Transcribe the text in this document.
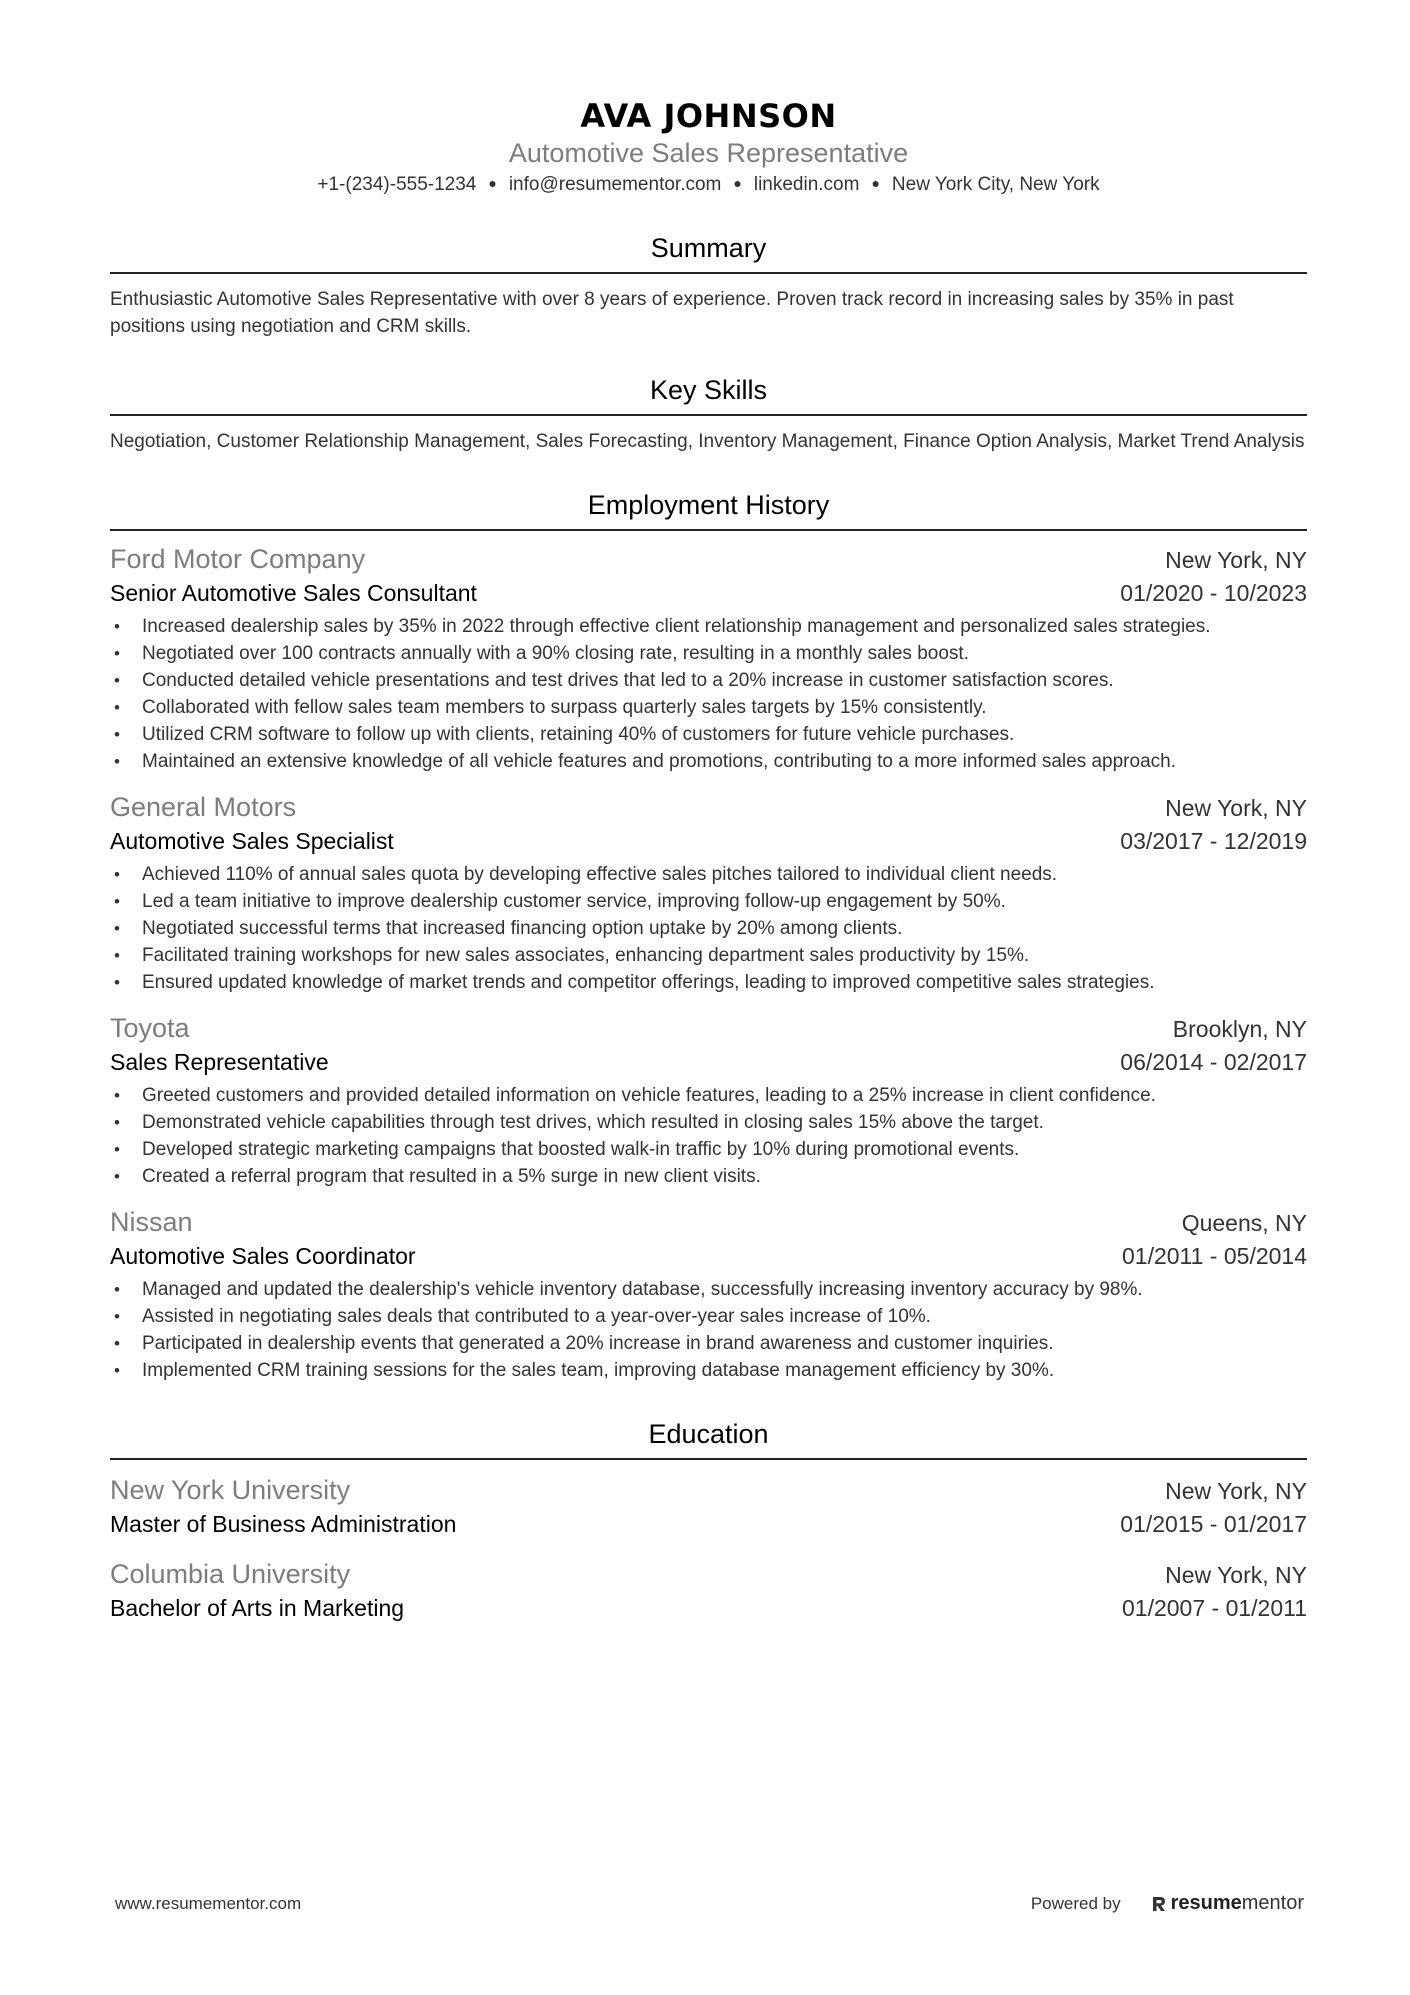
AVA JOHNSON
Automotive Sales Representative
+1-(234)-555-1234 ● info@resumementor.com ● linkedin.com ● New York City, New York
Summary
Enthusiastic Automotive Sales Representative with over 8 years of experience. Proven track record in increasing sales by 35% in past positions using negotiation and CRM skills.
Key Skills
Negotiation, Customer Relationship Management, Sales Forecasting, Inventory Management, Finance Option Analysis, Market Trend Analysis
Employment History
Ford Motor Company	New York, NY
Senior Automotive Sales Consultant	01/2020 - 10/2023
• Increased dealership sales by 35% in 2022 through effective client relationship management and personalized sales strategies.
• Negotiated over 100 contracts annually with a 90% closing rate, resulting in a monthly sales boost.
• Conducted detailed vehicle presentations and test drives that led to a 20% increase in customer satisfaction scores.
• Collaborated with fellow sales team members to surpass quarterly sales targets by 15% consistently.
• Utilized CRM software to follow up with clients, retaining 40% of customers for future vehicle purchases.
• Maintained an extensive knowledge of all vehicle features and promotions, contributing to a more informed sales approach.
General Motors	New York, NY
Automotive Sales Specialist	03/2017 - 12/2019
• Achieved 110% of annual sales quota by developing effective sales pitches tailored to individual client needs.
• Led a team initiative to improve dealership customer service, improving follow-up engagement by 50%.
• Negotiated successful terms that increased financing option uptake by 20% among clients.
• Facilitated training workshops for new sales associates, enhancing department sales productivity by 15%.
• Ensured updated knowledge of market trends and competitor offerings, leading to improved competitive sales strategies.
Toyota	Brooklyn, NY
Sales Representative	06/2014 - 02/2017
• Greeted customers and provided detailed information on vehicle features, leading to a 25% increase in client confidence.
• Demonstrated vehicle capabilities through test drives, which resulted in closing sales 15% above the target.
• Developed strategic marketing campaigns that boosted walk-in traffic by 10% during promotional events.
• Created a referral program that resulted in a 5% surge in new client visits.
Nissan	Queens, NY
Automotive Sales Coordinator	01/2011 - 05/2014
• Managed and updated the dealership's vehicle inventory database, successfully increasing inventory accuracy by 98%.
• Assisted in negotiating sales deals that contributed to a year-over-year sales increase of 10%.
• Participated in dealership events that generated a 20% increase in brand awareness and customer inquiries.
• Implemented CRM training sessions for the sales team, improving database management efficiency by 30%.
Education
New York University	New York, NY
Master of Business Administration	01/2015 - 01/2017
Columbia University	New York, NY
Bachelor of Arts in Marketing	01/2007 - 01/2011
www.resumementor.com	Powered by	resumementor
